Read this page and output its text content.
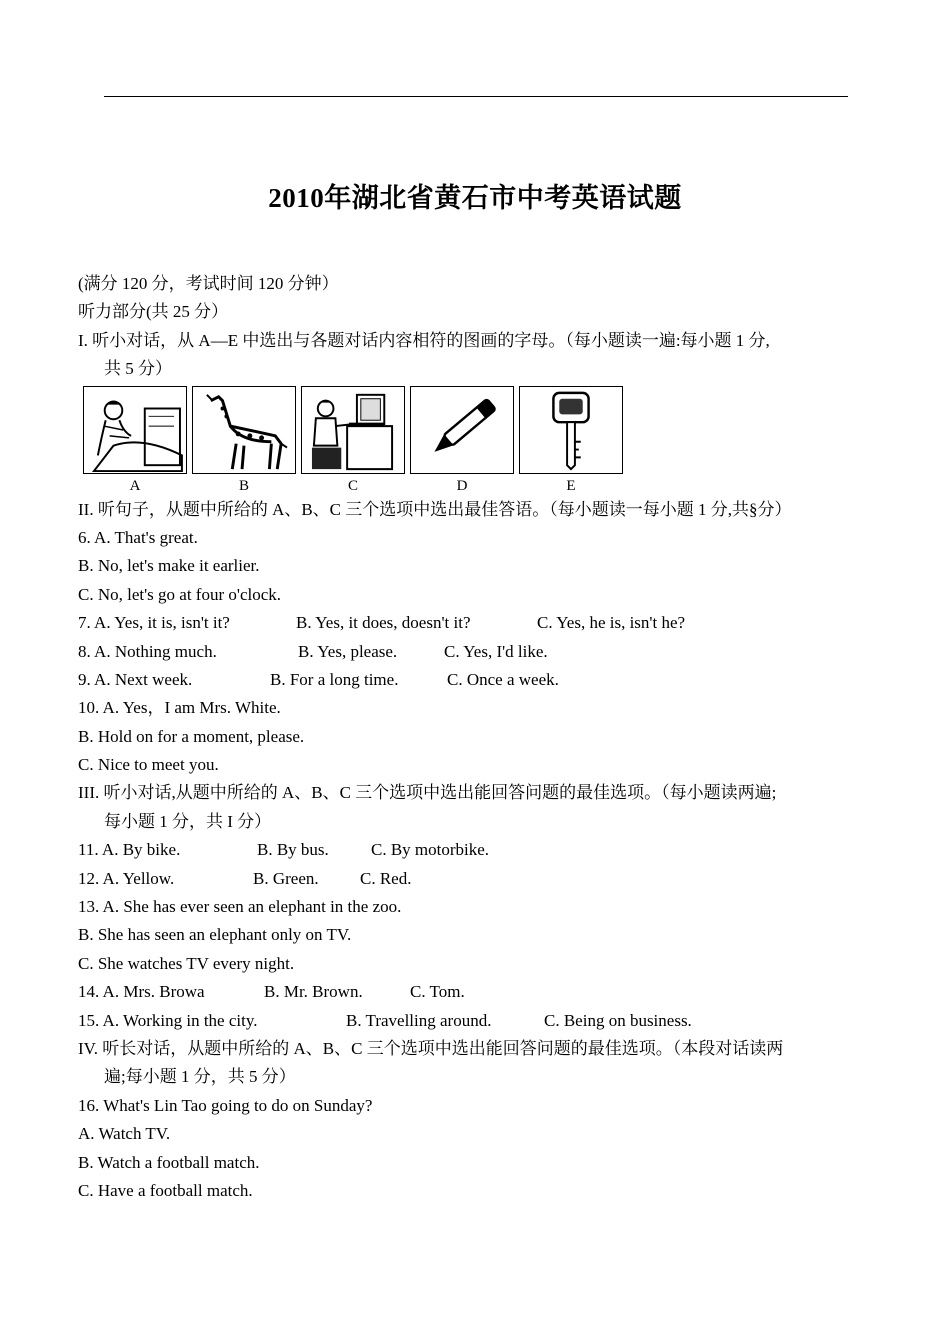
2010年湖北省黄石市中考英语试题
(满分 120 分，考试时间 120 分钟）
听力部分(共 25 分）
I. 听小对话，从 A—E 中选出与各题对话内容相符的图画的字母。（每小题读一遍:每小题 1 分,
共 5 分）
A	B	C	D	E
II. 听句子，从题中所给的 A、B、C 三个选项中选出最佳答语。（每小题读一每小题 1 分,共§分）
6. A. That's great.
B. No, let's make it earlier.
C. No, let's go at four o'clock.
7. A. Yes, it is, isn't it?	B. Yes, it does, doesn't it?	C. Yes, he is, isn't he?
8. A. Nothing much.	B. Yes, please.	C. Yes, I'd like.
9. A. Next week.	B. For a long time.	C. Once a week.
10. A. Yes，I am Mrs. White.
B. Hold on for a moment, please.
C. Nice to meet you.
III. 听小对话,从题中所给的 A、B、C 三个选项中选出能回答问题的最佳选项。（每小题读两遍;
每小题 1 分，共 I 分）
11. A. By bike.	B. By bus. C. By motorbike.
12. A. Yellow.	B. Green. C. Red.
13. A. She has ever seen an elephant in the zoo.
B. She has seen an elephant only on TV.
C. She watches TV every night.
14. A. Mrs. Browa	B. Mr. Brown.	C. Tom.
15. A. Working in the city.	B. Travelling around.	C. Being on business.
IV. 听长对话，从题中所给的 A、B、C 三个选项中选出能回答问题的最佳选项。（本段对话读两
遍;每小题 1 分，共 5 分）
16. What's Lin Tao going to do on Sunday?
A. Watch TV.
B. Watch a football match.
C. Have a football match.
